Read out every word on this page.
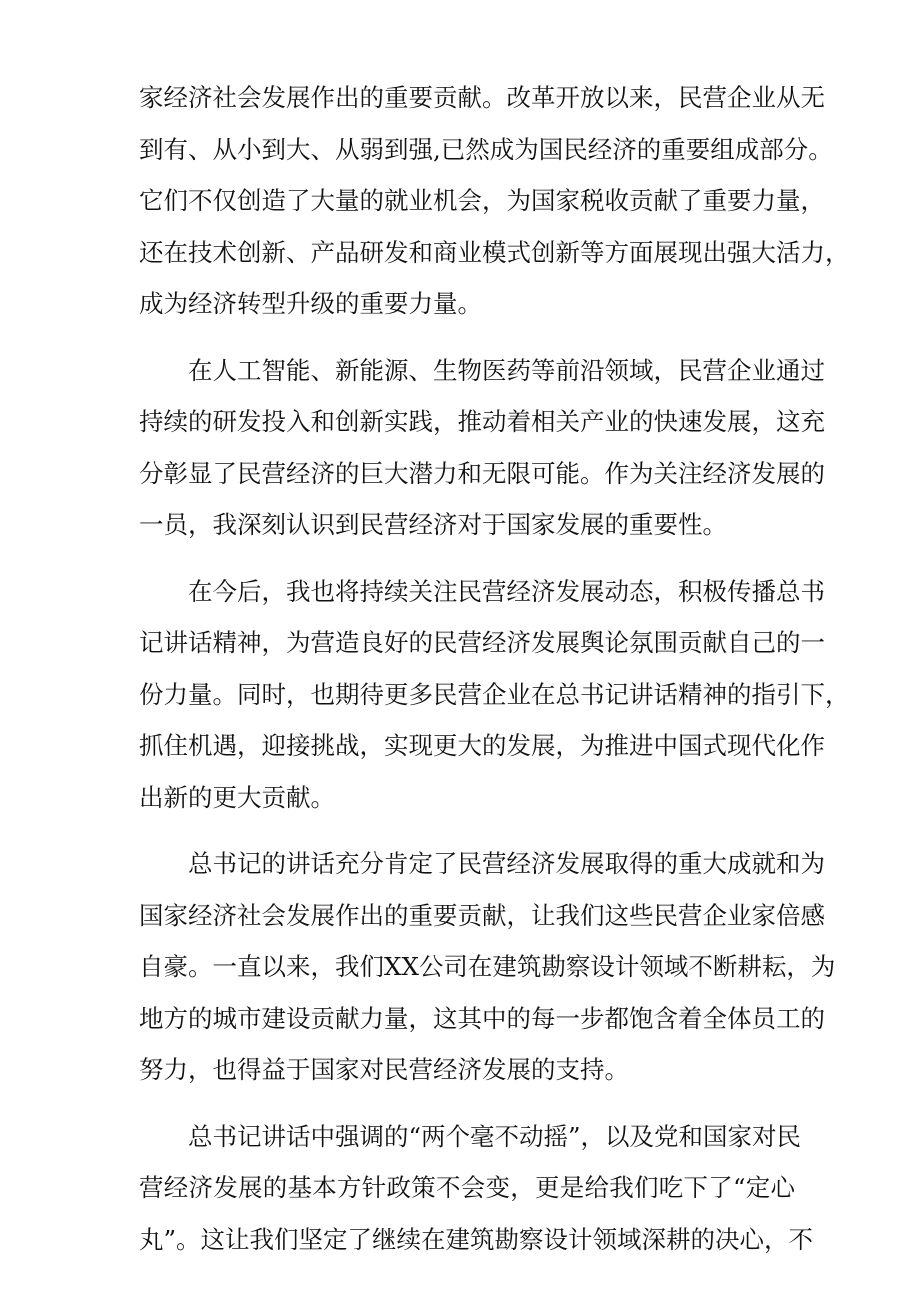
家经济社会发展作出的重要贡献。改革开放以来，民营企业从无
到有、从小到大、从弱到强,已然成为国民经济的重要组成部分。
它们不仅创造了大量的就业机会，为国家税收贡献了重要力量，
还在技术创新、产品研发和商业模式创新等方面展现出强大活力，
成为经济转型升级的重要力量。
在人工智能、新能源、生物医药等前沿领域，民营企业通过
持续的研发投入和创新实践，推动着相关产业的快速发展，这充
分彰显了民营经济的巨大潜力和无限可能。作为关注经济发展的
一员，我深刻认识到民营经济对于国家发展的重要性。
在今后，我也将持续关注民营经济发展动态，积极传播总书
记讲话精神，为营造良好的民营经济发展舆论氛围贡献自己的一
份力量。同时，也期待更多民营企业在总书记讲话精神的指引下，
抓住机遇，迎接挑战，实现更大的发展，为推进中国式现代化作
出新的更大贡献。
总书记的讲话充分肯定了民营经济发展取得的重大成就和为
国家经济社会发展作出的重要贡献，让我们这些民营企业家倍感
自豪。一直以来，我们XX公司在建筑勘察设计领域不断耕耘，为
地方的城市建设贡献力量，这其中的每一步都饱含着全体员工的
努力，也得益于国家对民营经济发展的支持。
总书记讲话中强调的“两个毫不动摇”，以及党和国家对民
营经济发展的基本方针政策不会变，更是给我们吃下了“定心
丸”。这让我们坚定了继续在建筑勘察设计领域深耕的决心，不
